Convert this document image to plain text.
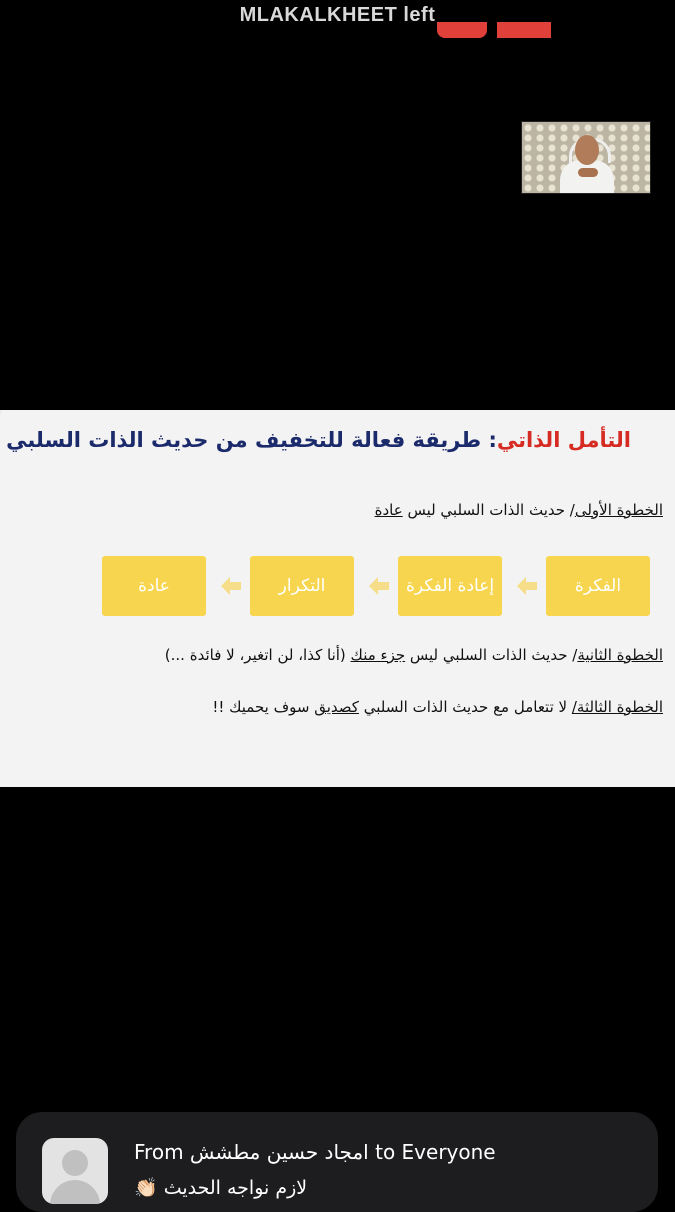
MLAKALKHEET left
التأمل الذاتي: طريقة فعالة للتخفيف من حديث الذات السلبي
الخطوة الأولى/ حديث الذات السلبي ليس عادة
الفكرة
إعادة الفكرة
التكرار
عادة
الخطوة الثانية/ حديث الذات السلبي ليس جزء منك (أنا كذا، لن اتغير، لا فائدة ...)
الخطوة الثالثة/ لا تتعامل مع حديث الذات السلبي كصديق سوف يحميك !!
From امجاد حسين مطشش to Everyone
👏🏻 لازم نواجه الحديث
